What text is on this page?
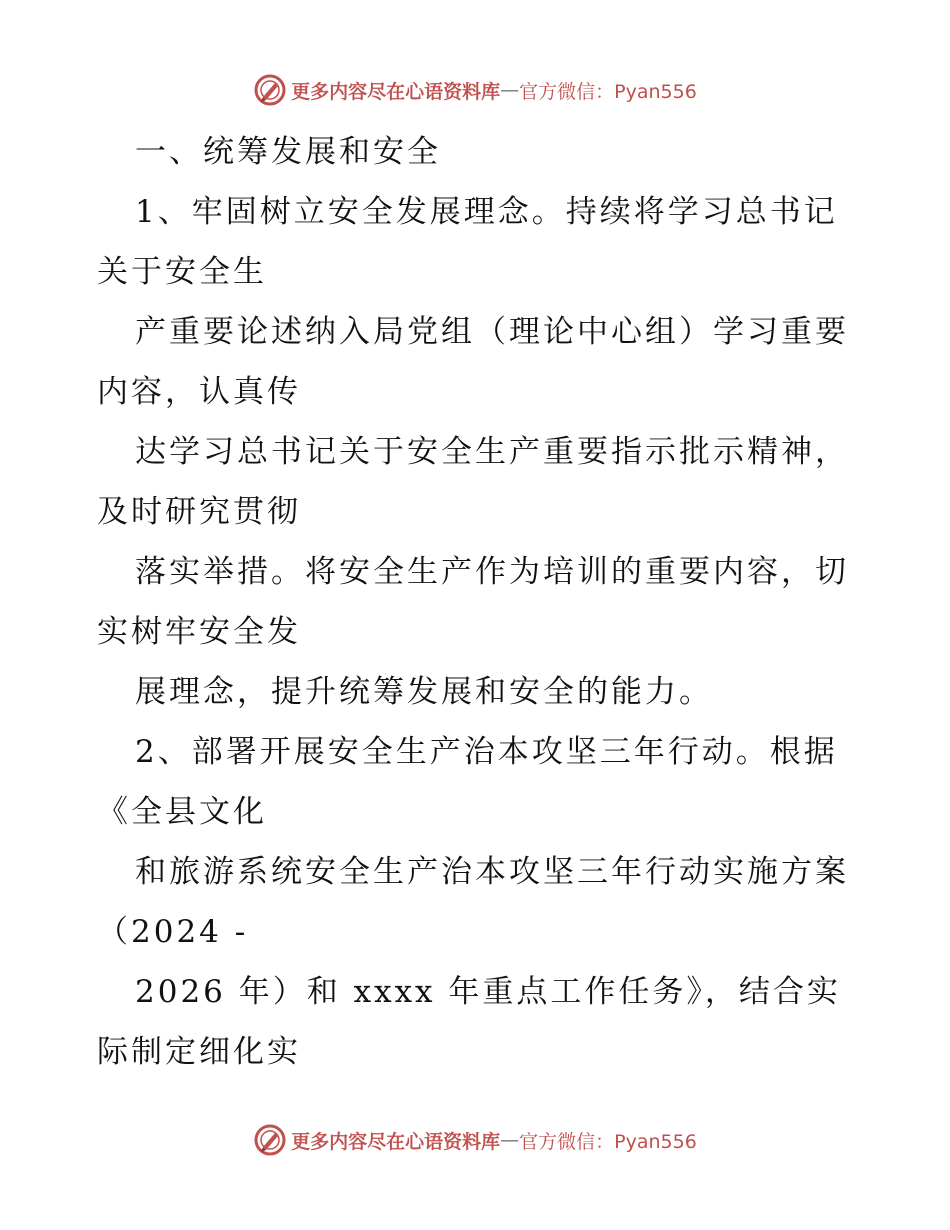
更多内容尽在心语资料库 — 官方微信：Pyan556

一、统筹发展和安全

1、牢固树立安全发展理念。持续将学习总书记

关于安全生

产重要论述纳入局党组（理论中心组）学习重要

内容，认真传

达学习总书记关于安全生产重要指示批示精神，

及时研究贯彻

落实举措。将安全生产作为培训的重要内容，切

实树牢安全发

展理念，提升统筹发展和安全的能力。

2、部署开展安全生产治本攻坚三年行动。根据

《全县文化

和旅游系统安全生产治本攻坚三年行动实施方案

（2024 -

2026 年）和 xxxx 年重点工作任务》，结合实

际制定细化实

更多内容尽在心语资料库 — 官方微信：Pyan556
